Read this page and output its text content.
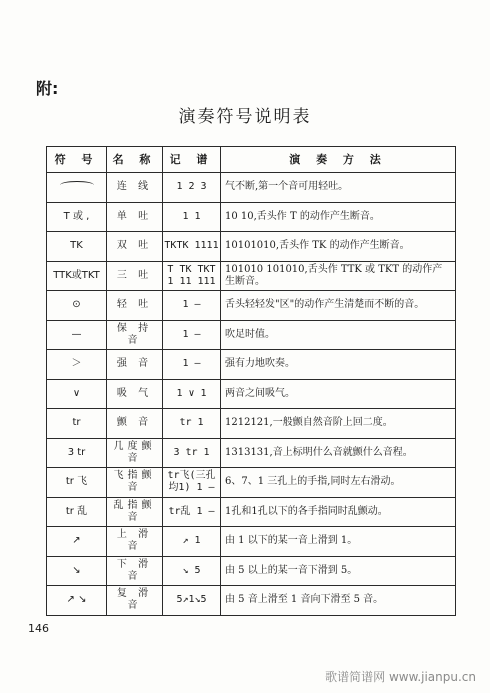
附:
演奏符号说明表
符 号	名 称	记 谱	演 奏 方 法
	连 线	1 2 3	气不断,第一个音可用轻吐。
T 或 ,	单 吐	1 1	10 10,舌头作 T 的动作产生断音。
TK	双 吐	TKTK 1111	10101010,舌头作 TK 的动作产生断音。
TTK或TKT	三 吐	T TK TKT 1 11 111	101010 101010,舌头作 TTK 或 TKT 的动作产生断音。
⊙	轻 吐	1 —	舌头轻轻发"区"的动作产生清楚而不断的音。
—	保 持 音	1 —	吹足时值。
＞	强 音	1 —	强有力地吹奏。
∨	吸 气	1 ∨ 1	两音之间吸气。
tr	颤 音	tr 1	1212121,一般颤自然音阶上回二度。
3 tr	几度颤音	3 tr 1	1313131,音上标明什么音就颤什么音程。
tr 飞	飞指颤音	tr飞(三孔均1) 1 —	6、7、1 三孔上的手指,同时左右滑动。
tr 乱	乱指颤音	tr乱 1 —	1孔和1孔以下的各手指同时乱颤动。
↗	上 滑 音	↗ 1	由 1 以下的某一音上滑到 1。
↘	下 滑 音	↘ 5	由 5 以上的某一音下滑到 5。
↗ ↘	复 滑 音	5↗1↘5	由 5 音上滑至 1 音向下滑至 5 音。
146
歌谱简谱网 www.jianpu.cn
